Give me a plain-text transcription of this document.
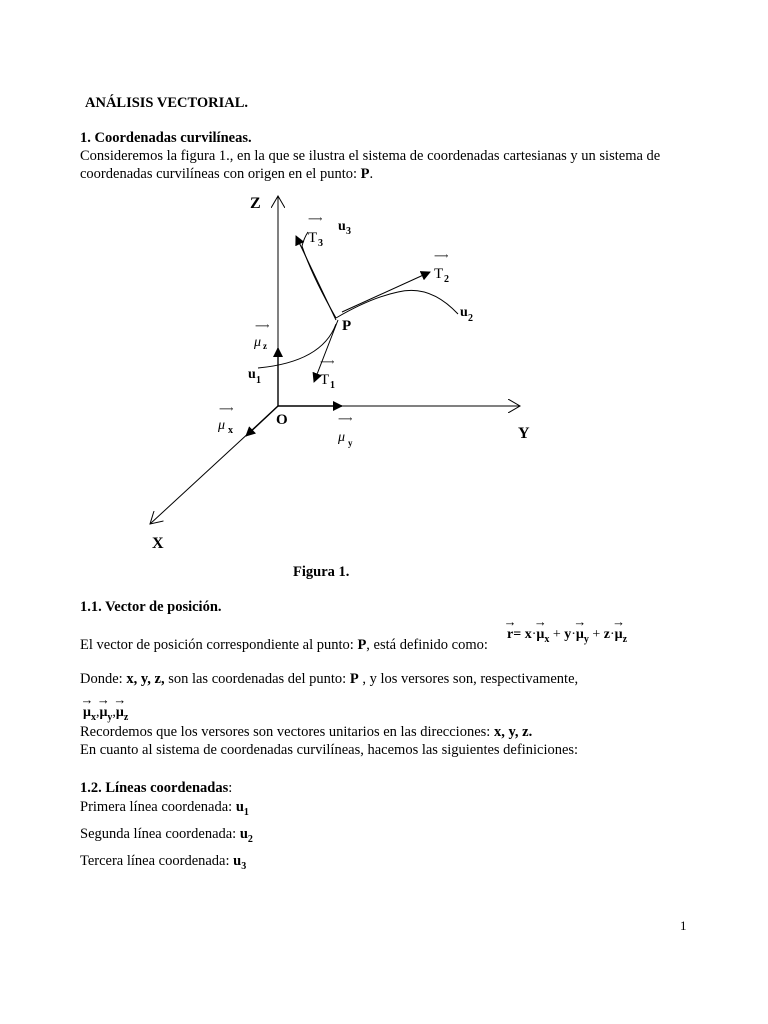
ANÁLISIS VECTORIAL.
1. Coordenadas curvilíneas.
Consideremos la figura 1., en la que se ilustra el sistema de coordenadas cartesianas y un sistema de
coordenadas curvilíneas con origen en el punto: P.
Z
Y
X
O
P
⟶
T 3
u 3
⟶
T 2
u 2
⟶
μ z
u 1
⟶
T 1
⟶
μ x
⟶
μ y
Figura 1.
1.1. Vector de posición.
El vector de posición correspondiente al punto: P, está definido como:
→ $r= x\cdot\to \mu_x + y\cdot\to \mu_y + z\cdot\to \mu_z$
Donde: x, y, z, son las coordenadas del punto: P , y los versores son, respectivamente,
→ $\mu_x,\to \mu_y,\to \mu_z$
Recordemos que los versores son vectores unitarios en las direcciones: x, y, z.
En cuanto al sistema de coordenadas curvilíneas, hacemos las siguientes definiciones:
1.2. Líneas coordenadas:
Primera línea coordenada: $u_1$
Segunda línea coordenada: $u_2$
Tercera línea coordenada: $u_3$
1
